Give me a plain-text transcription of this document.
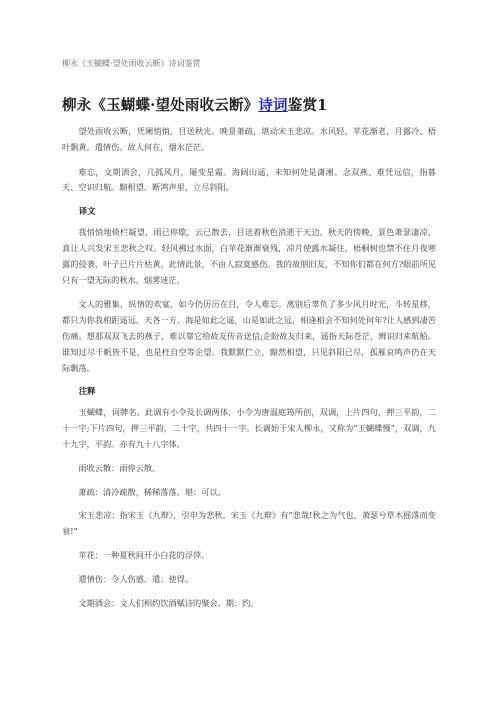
柳永《玉蝴蝶·望处雨收云断》诗词鉴赏
柳永《玉蝴蝶·望处雨收云断》诗词鉴赏1

望处雨收云断，凭阑悄悄，目送秋光。晚景萧疏，堪动宋玉悲凉。水风轻，苹花渐老，月露冷、梧叶飘黄。遣情伤。故人何在，烟水茫茫。

难忘，文期酒会，几孤风月，屡变星霜。海阔山遥，未知何处是潇湘。念双燕、难凭远信，指暮天、空识归航。黯相望。断鸿声里，立尽斜阳。

译文

我悄悄地倚栏凝望，雨已停歇，云已散去，目送着秋色消逝于天边。秋天的傍晚，景色萧瑟凄凉，真让人兴发宋玉悲秋之叹。轻风拂过水面，白苹花渐渐衰残，凉月使露水凝住，梧桐树也禁不住月夜寒露的侵袭，叶子已片片枯黄。此情此景，不由人寂寞感伤。我的故朋旧友，不知你们都在何方?眼前所见只有一望无际的秋水，烟雾迷茫。

文人的雅集，纵情的欢宴，如今仍历历在目，令人难忘。离别后辜负了多少风月时光，斗转星移，都只为你我相距遥远，天各一方。海是如此之遥，山是如此之远，相逢相会不知何处何年?让人感到凄苦伤痛。想那双双飞去的燕子，难以靠它给故友传音送信;企盼故友归来，遥指天际苍茫，辨识归来航船。谁知过尽千帆皆不是，也是枉自空等企望。我默默伫立，黯然相望，只见斜阳已尽，孤雁哀鸣声仍在天际飘荡。

注释

玉蝴蝶，词牌名。此调有小令及长调两体，小令为唐温庭筠所创，双调，上片四句，押三平韵，二十一字;下片四句，押三平韵，二十字，共四十一字。长调始于宋人柳永，又称为“玉蝴蝶慢”，双调，九十九字，平韵。亦有九十八字体。

雨收云散：雨停云散。

萧疏：清冷疏散，稀稀落落。堪：可以。

宋玉悲凉：指宋玉《九辩》，引申为悲秋。宋玉《九辩》有“悲哉!秋之为气也，萧瑟兮草木摇落而变衰!”

苹花：一种夏秋间开小白花的浮萍。

遣情伤：令人伤感。遣：使得。

文期酒会：文人们相约饮酒赋诗的聚会。期：约。
